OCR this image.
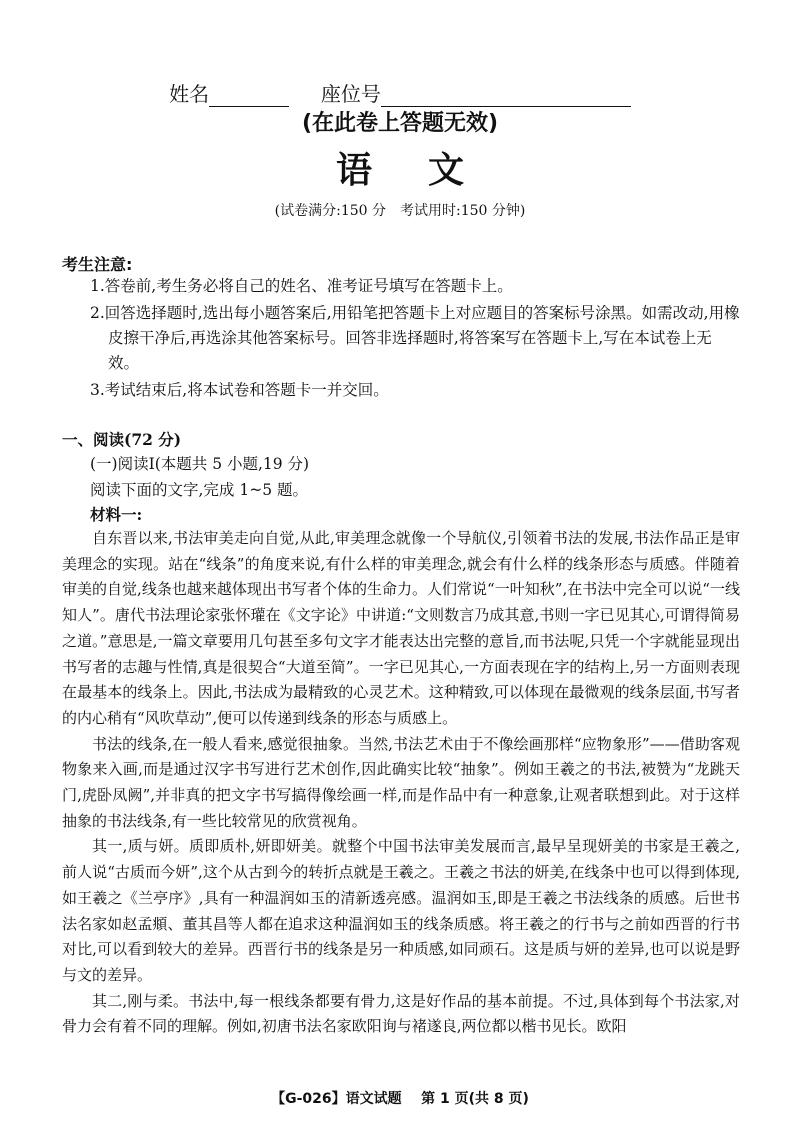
姓名	座位号
(在此卷上答题无效)
语文
(试卷满分:150 分　考试用时:150 分钟)
考生注意:
1.答卷前,考生务必将自己的姓名、准考证号填写在答题卡上。
2.回答选择题时,选出每小题答案后,用铅笔把答题卡上对应题目的答案标号涂黑。如需改动,用橡皮擦干净后,再选涂其他答案标号。回答非选择题时,将答案写在答题卡上,写在本试卷上无效。
3.考试结束后,将本试卷和答题卡一并交回。
一、阅读(72 分)
(一)阅读Ⅰ(本题共 5 小题,19 分)
阅读下面的文字,完成 1~5 题。
材料一:

自东晋以来,书法审美走向自觉,从此,审美理念就像一个导航仪,引领着书法的发展,书法作品正是审美理念的实现。站在“线条”的角度来说,有什么样的审美理念,就会有什么样的线条形态与质感。伴随着审美的自觉,线条也越来越体现出书写者个体的生命力。人们常说“一叶知秋”,在书法中完全可以说“一线知人”。唐代书法理论家张怀瓘在《文字论》中讲道:“文则数言乃成其意,书则一字已见其心,可谓得简易之道。”意思是,一篇文章要用几句甚至多句文字才能表达出完整的意旨,而书法呢,只凭一个字就能显现出书写者的志趣与性情,真是很契合“大道至简”。一字已见其心,一方面表现在字的结构上,另一方面则表现在最基本的线条上。因此,书法成为最精致的心灵艺术。这种精致,可以体现在最微观的线条层面,书写者的内心稍有“风吹草动”,便可以传递到线条的形态与质感上。

书法的线条,在一般人看来,感觉很抽象。当然,书法艺术由于不像绘画那样“应物象形”——借助客观物象来入画,而是通过汉字书写进行艺术创作,因此确实比较“抽象”。例如王羲之的书法,被赞为“龙跳天门,虎卧凤阙”,并非真的把文字书写搞得像绘画一样,而是作品中有一种意象,让观者联想到此。对于这样抽象的书法线条,有一些比较常见的欣赏视角。

其一,质与妍。质即质朴,妍即妍美。就整个中国书法审美发展而言,最早呈现妍美的书家是王羲之,前人说“古质而今妍”,这个从古到今的转折点就是王羲之。王羲之书法的妍美,在线条中也可以得到体现,如王羲之《兰亭序》,具有一种温润如玉的清新透亮感。温润如玉,即是王羲之书法线条的质感。后世书法名家如赵孟頫、董其昌等人都在追求这种温润如玉的线条质感。将王羲之的行书与之前如西晋的行书对比,可以看到较大的差异。西晋行书的线条是另一种质感,如同顽石。这是质与妍的差异,也可以说是野与文的差异。

其二,刚与柔。书法中,每一根线条都要有骨力,这是好作品的基本前提。不过,具体到每个书法家,对骨力会有着不同的理解。例如,初唐书法名家欧阳询与褚遂良,两位都以楷书见长。欧阳

【G-026】语文试题 第 1 页(共 8 页)
